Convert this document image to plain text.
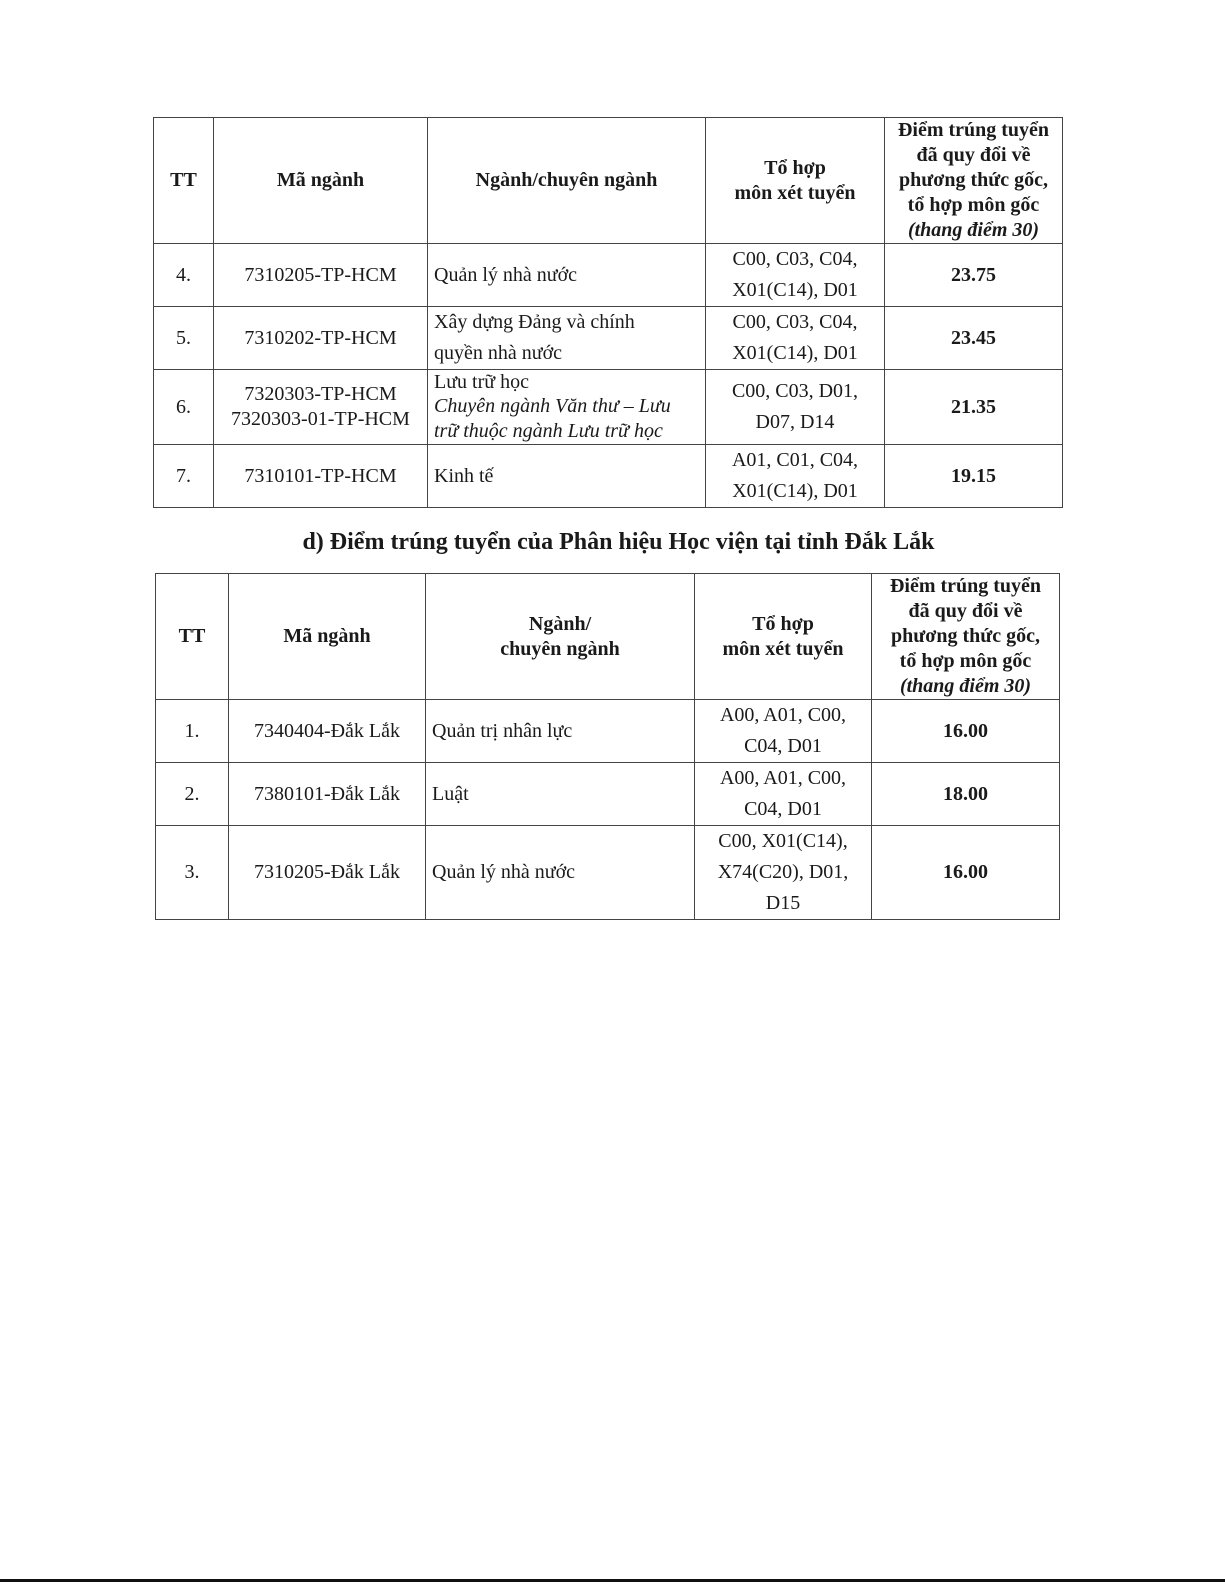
TT	Mã ngành	Ngành/chuyên ngành	Tổ hợp
môn xét tuyển	Điểm trúng tuyển
đã quy đổi về
phương thức gốc,
tổ hợp môn gốc
(thang điểm 30)

4.	7310205-TP-HCM	Quản lý nhà nước	C00, C03, C04,
X01(C14), D01	23.75
5.	7310202-TP-HCM	Xây dựng Đảng và chính
quyền nhà nước	C00, C03, C04,
X01(C14), D01	23.45
6.	7320303-TP-HCM
7320303-01-TP-HCM	Lưu trữ học
Chuyên ngành Văn thư – Lưu
trữ thuộc ngành Lưu trữ học	C00, C03, D01,
D07, D14	21.35
7.	7310101-TP-HCM	Kinh tế	A01, C01, C04,
X01(C14), D01	19.15
d) Điểm trúng tuyển của Phân hiệu Học viện tại tỉnh Đắk Lắk
TT	Mã ngành	Ngành/
chuyên ngành	Tổ hợp
môn xét tuyển	Điểm trúng tuyển
đã quy đổi về
phương thức gốc,
tổ hợp môn gốc
(thang điểm 30)

1.	7340404-Đắk Lắk	Quản trị nhân lực	A00, A01, C00,
C04, D01	16.00
2.	7380101-Đắk Lắk	Luật	A00, A01, C00,
C04, D01	18.00
3.	7310205-Đắk Lắk	Quản lý nhà nước	C00, X01(C14),
X74(C20), D01,
D15	16.00
